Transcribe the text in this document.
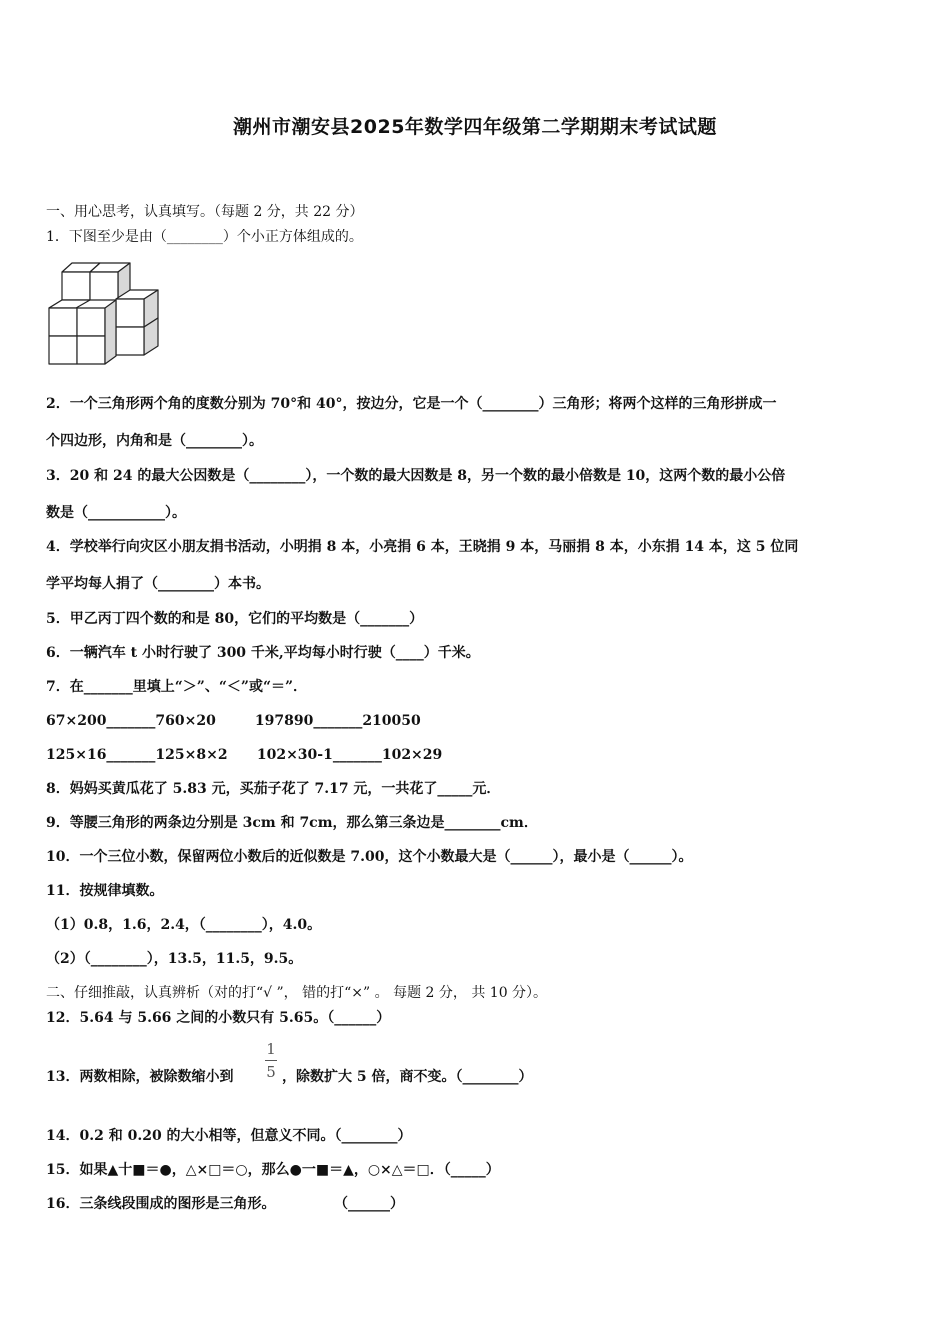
潮州市潮安县2025年数学四年级第二学期期末考试试题
一、用心思考，认真填写。（每题 2 分，共 22 分）
1．下图至少是由（________）个小正方体组成的。
2．一个三角形两个角的度数分别为 70°和 40°，按边分，它是一个（________）三角形；将两个这样的三角形拼成一
个四边形，内角和是（________）。
3．20 和 24 的最大公因数是（________），一个数的最大因数是 8，另一个数的最小倍数是 10，这两个数的最小公倍
数是（___________）。
4．学校举行向灾区小朋友捐书活动，小明捐 8 本，小亮捐 6 本，王晓捐 9 本，马丽捐 8 本，小东捐 14 本，这 5 位同
学平均每人捐了（________）本书。
5．甲乙丙丁四个数的和是 80，它们的平均数是（_______）
6．一辆汽车 t 小时行驶了 300 千米,平均每小时行驶（____）千米。
7．在_______里填上“＞”、“＜”或“＝”．
67×200_______760×20        197890_______210050
125×16_______125×8×2      102×30-1_______102×29
8．妈妈买黄瓜花了 5.83 元，买茄子花了 7.17 元，一共花了_____元．
9．等腰三角形的两条边分别是 3cm 和 7cm，那么第三条边是________cm．
10．一个三位小数，保留两位小数后的近似数是 7.00，这个小数最大是（______），最小是（______）。
11．按规律填数。
（1）0.8，1.6，2.4，（________），4.0。
（2）（________），13.5，11.5，9.5。
二、仔细推敲，认真辨析（对的打“√ ”， 错的打“×” 。 每题 2 分， 共 10 分）。
12．5.64 与 5.66 之间的小数只有 5.65。（______）
13．两数相除，被除数缩小到
1
5 ，除数扩大 5 倍，商不变。（________）
14．0.2 和 0.20 的大小相等，但意义不同。（________）
15．如果▲十■＝●，△×□＝○，那么●一■＝▲，○×△＝□．（_____）
16．三条线段围成的图形是三角形。            （______）
